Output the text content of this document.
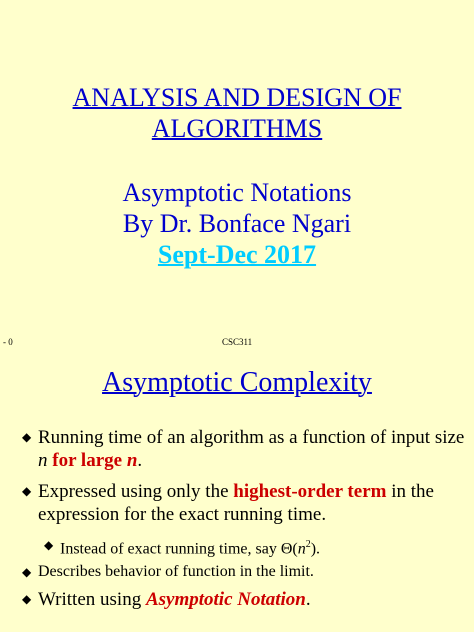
ANALYSIS AND DESIGN OF
ALGORITHMS
Asymptotic Notations
By Dr. Bonface Ngari
Sept-Dec 2017
- 0	CSC311
Asymptotic Complexity
◆ Running time of an algorithm as a function of input size n for large n.
◆ Expressed using only the highest-order term in the expression for the exact running time.
◆ Instead of exact running time, say $\Theta(n^2)$.
◆ Describes behavior of function in the limit.
◆ Written using Asymptotic Notation.
